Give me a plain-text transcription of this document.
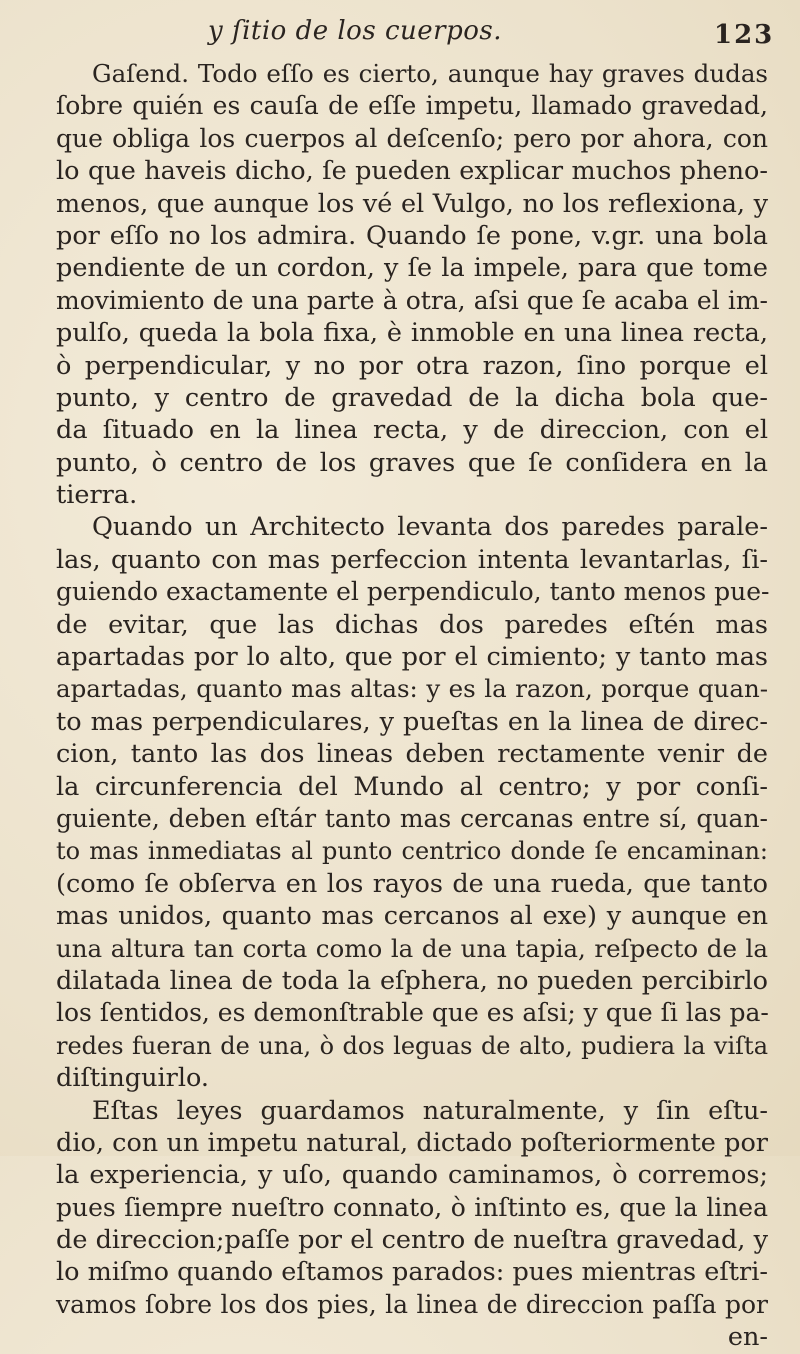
y ſitio de los cuerpos.	123
Gaſend. Todo eſſo es cierto, aunque hay graves dudas
ſobre quién es cauſa de eſſe impetu, llamado gravedad,
que obliga los cuerpos al deſcenſo; pero por ahora, con
lo que haveis dicho, ſe pueden explicar muchos pheno-
menos, que aunque los vé el Vulgo, no los reflexiona, y
por eſſo no los admira. Quando ſe pone, v.gr. una bola
pendiente de un cordon, y ſe la impele, para que tome
movimiento de una parte à otra, aſsi que ſe acaba el im-
pulſo, queda la bola fixa, è inmoble en una linea recta,
ò perpendicular, y no por otra razon, ſino porque el
punto, y centro de gravedad de la dicha bola que-
da ſituado en la linea recta, y de direccion, con el
punto, ò centro de los graves que ſe conſidera en la
tierra.
Quando un Architecto levanta dos paredes parale-
las, quanto con mas perfeccion intenta levantarlas, ſi-
guiendo exactamente el perpendiculo, tanto menos pue-
de evitar, que las dichas dos paredes eſtén mas
apartadas por lo alto, que por el cimiento; y tanto mas
apartadas, quanto mas altas: y es la razon, porque quan-
to mas perpendiculares, y pueſtas en la linea de direc-
cion, tanto las dos lineas deben rectamente venir de
la circunferencia del Mundo al centro; y por conſi-
guiente, deben eſtár tanto mas cercanas entre sí, quan-
to mas inmediatas al punto centrico donde ſe encaminan:
(como ſe obſerva en los rayos de una rueda, que tanto
mas unidos, quanto mas cercanos al exe) y aunque en
una altura tan corta como la de una tapia, reſpecto de la
dilatada linea de toda la eſphera, no pueden percibirlo
los ſentidos, es demonſtrable que es aſsi; y que ſi las pa-
redes fueran de una, ò dos leguas de alto, pudiera la viſta
diſtinguirlo.
Eſtas leyes guardamos naturalmente, y ſin eſtu-
dio, con un impetu natural, dictado poſteriormente por
la experiencia, y uſo, quando caminamos, ò corremos;
pues ſiempre nueſtro connato, ò inſtinto es, que la linea
de direccion;paſſe por el centro de nueſtra gravedad, y
lo miſmo quando eſtamos parados: pues mientras eſtri-
vamos ſobre los dos pies, la linea de direccion paſſa por
en-
